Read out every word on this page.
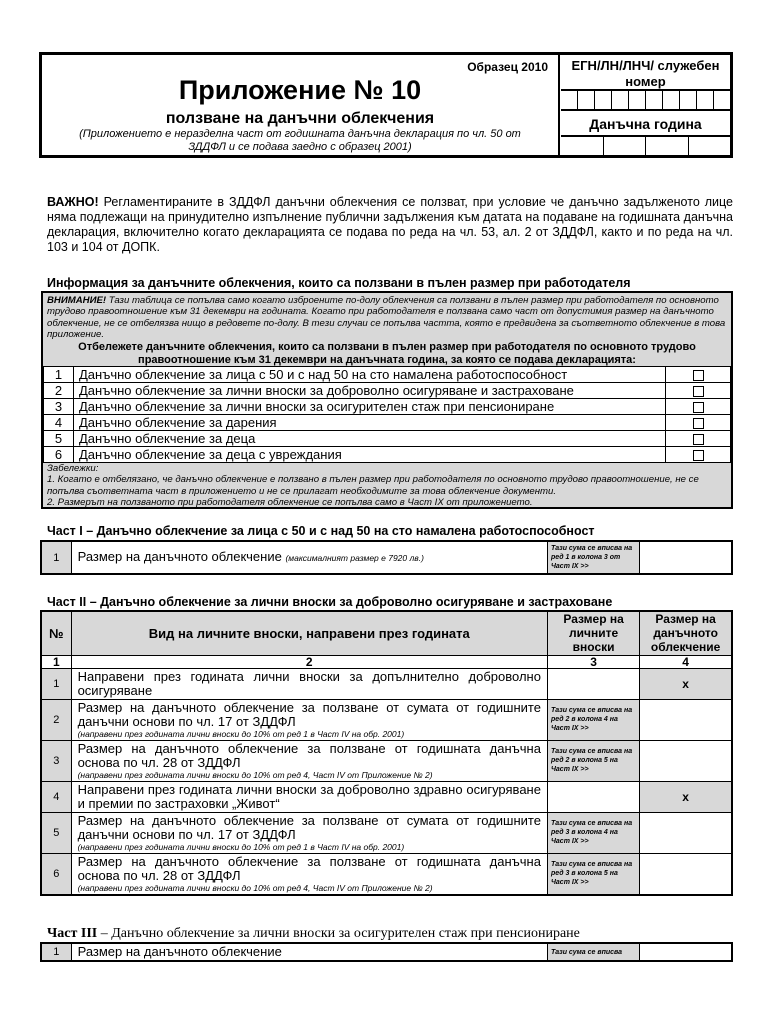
Образец 2010
Приложение № 10
ползване на данъчни облекчения
(Приложението е неразделна част от годишната данъчна декларация по чл. 50 от ЗДДФЛ и се подава заедно с образец 2001)
ЕГН/ЛН/ЛНЧ/ служебен номер
Данъчна година
ВАЖНО! Регламентираните в ЗДДФЛ данъчни облекчения се ползват, при условие че данъчно задълженото лице няма подлежащи на принудително изпълнение публични задължения към датата на подаване на годишната данъчна декларация, включително когато декларацията се подава по реда на чл. 53, ал. 2 от ЗДДФЛ, както и по реда на чл. 103 и 104 от ДОПК.
Информация за данъчните облекчения, които са ползвани в пълен размер при работодателя
ВНИМАНИЕ! Тази таблица се попълва само когато изброените по-долу облекчения са ползвани в пълен размер при работодателя по основното трудово правоотношение към 31 декември на годината. Когато при работодателя е ползвана само част от допустимия размер на данъчното облекчение, не се отбелязва нищо в редовете по-долу. В тези случаи се попълва частта, която е предвидена за съответното облекчение в това приложение.
Отбележете данъчните облекчения, които са ползвани в пълен размер при работодателя по основното трудово правоотношение към 31 декември на данъчната година, за която се подава декларацията:
1	Данъчно облекчение за лица с 50 и с над 50 на сто намалена работоспособност	
2	Данъчно облекчение за лични вноски за доброволно осигуряване и застраховане	
3	Данъчно облекчение за лични вноски за осигурителен стаж при пенсиониране	
4	Данъчно облекчение за дарения	
5	Данъчно облекчение за деца	
6	Данъчно облекчение за деца с увреждания	
Забележки:
1. Когато е отбелязано, че данъчно облекчение е ползвано в пълен размер при работодателя по основното трудово правоотношение, не се попълва съответната част в приложението и не се прилагат необходимите за това облекчение документи.
2. Размерът на ползваното при работодателя облекчение се попълва само в Част IX от приложението.
Част І – Данъчно облекчение за лица с 50 и с над 50 на сто намалена работоспособност
1	Размер на данъчното облекчение (максималният размер е 7920 лв.)	Тази сума се вписва на ред 1 в колона 3 от Част IX >>	
Част ІІ – Данъчно облекчение за лични вноски за доброволно осигуряване и застраховане
№	Вид на личните вноски, направени през годината	Размер на личните вноски	Размер на данъчното облекчение
1	2	3	4
1	Направени през годината лични вноски за допълнително доброволно осигуряване		x
2	Размер на данъчното облекчение за ползване от сумата от годишните данъчни основи по чл. 17 от ЗДДФЛ
(направени през годината лични вноски до 10% от ред 1 в Част IV на обр. 2001)	Тази сума се вписва на ред 2 в колона 4 на Част IX >>	
3	Размер на данъчното облекчение за ползване от годишната данъчна основа по чл. 28 от ЗДДФЛ
(направени през годината лични вноски до 10% от ред 4, Част IV от Приложение № 2)	Тази сума се вписва на ред 2 в колона 5 на Част IX >>	
4	Направени през годината лични вноски за доброволно здравно осигуряване и премии по застраховки „Живот“		x
5	Размер на данъчното облекчение за ползване от сумата от годишните данъчни основи по чл. 17 от ЗДДФЛ
(направени през годината лични вноски до 10% от ред 1 в Част IV на обр. 2001)	Тази сума се вписва на ред 3 в колона 4 на Част IX >>	
6	Размер на данъчното облекчение за ползване от годишната данъчна основа по чл. 28 от ЗДДФЛ
(направени през годината лични вноски до 10% от ред 4, Част IV от Приложение № 2)	Тази сума се вписва на ред 3 в колона 5 на Част IX >>	
Част ІІІ – Данъчно облекчение за лични вноски за осигурителен стаж при пенсиониране
1	Размер на данъчното облекчение	Тази сума се вписва	
